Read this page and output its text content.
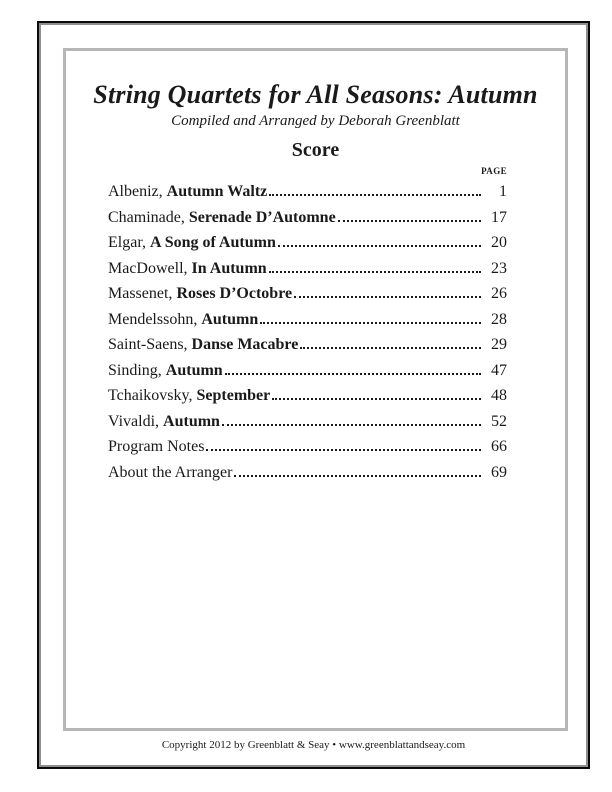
String Quartets for All Seasons: Autumn
Compiled and Arranged by Deborah Greenblatt
Score
PAGE
Albeniz, Autumn Waltz	1
Chaminade, Serenade D’Automne	17
Elgar, A Song of Autumn	20
MacDowell, In Autumn	23
Massenet, Roses D’Octobre	26
Mendelssohn, Autumn	28
Saint-Saens, Danse Macabre	29
Sinding, Autumn	47
Tchaikovsky, September	48
Vivaldi, Autumn	52
Program Notes	66
About the Arranger	69
Copyright 2012 by Greenblatt & Seay • www.greenblattandseay.com
